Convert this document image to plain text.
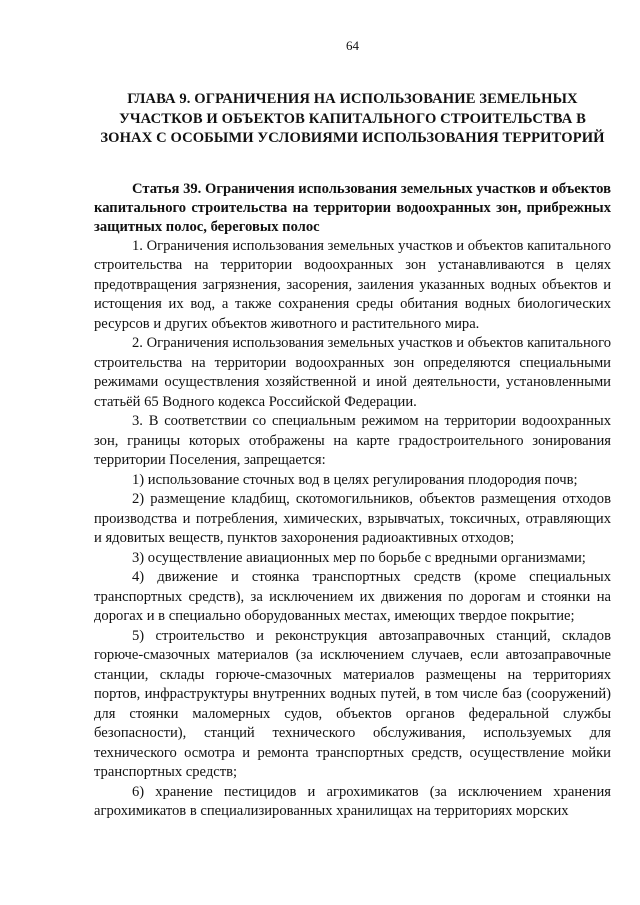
64
ГЛАВА 9. ОГРАНИЧЕНИЯ НА ИСПОЛЬЗОВАНИЕ ЗЕМЕЛЬНЫХ УЧАСТКОВ И ОБЪЕКТОВ КАПИТАЛЬНОГО СТРОИТЕЛЬСТВА В ЗОНАХ С ОСОБЫМИ УСЛОВИЯМИ ИСПОЛЬЗОВАНИЯ ТЕРРИТОРИЙ
Статья 39. Ограничения использования земельных участков и объектов капитального строительства на территории водоохранных зон, прибрежных защитных полос, береговых полос

1. Ограничения использования земельных участков и объектов капитального строительства на территории водоохранных зон устанавливаются в целях предотвращения загрязнения, засорения, заиления указанных водных объектов и истощения их вод, а также сохранения среды обитания водных биологических ресурсов и других объектов животного и растительного мира.

2. Ограничения использования земельных участков и объектов капитального строительства на территории водоохранных зон определяются специальными режимами осуществления хозяйственной и иной деятельности, установленными статьёй 65 Водного кодекса Российской Федерации.

3. В соответствии со специальным режимом на территории водоохранных зон, границы которых отображены на карте градостроительного зонирования территории Поселения, запрещается:

1) использование сточных вод в целях регулирования плодородия почв;

2) размещение кладбищ, скотомогильников, объектов размещения отходов производства и потребления, химических, взрывчатых, токсичных, отравляющих и ядовитых веществ, пунктов захоронения радиоактивных отходов;

3) осуществление авиационных мер по борьбе с вредными организмами;

4) движение и стоянка транспортных средств (кроме специальных транспортных средств), за исключением их движения по дорогам и стоянки на дорогах и в специально оборудованных местах, имеющих твердое покрытие;

5) строительство и реконструкция автозаправочных станций, складов горюче-смазочных материалов (за исключением случаев, если автозаправочные станции, склады горюче-смазочных материалов размещены на территориях портов, инфраструктуры внутренних водных путей, в том числе баз (сооружений) для стоянки маломерных судов, объектов органов федеральной службы безопасности), станций технического обслуживания, используемых для технического осмотра и ремонта транспортных средств, осуществление мойки транспортных средств;

6) хранение пестицидов и агрохимикатов (за исключением хранения агрохимикатов в специализированных хранилищах на территориях морских
